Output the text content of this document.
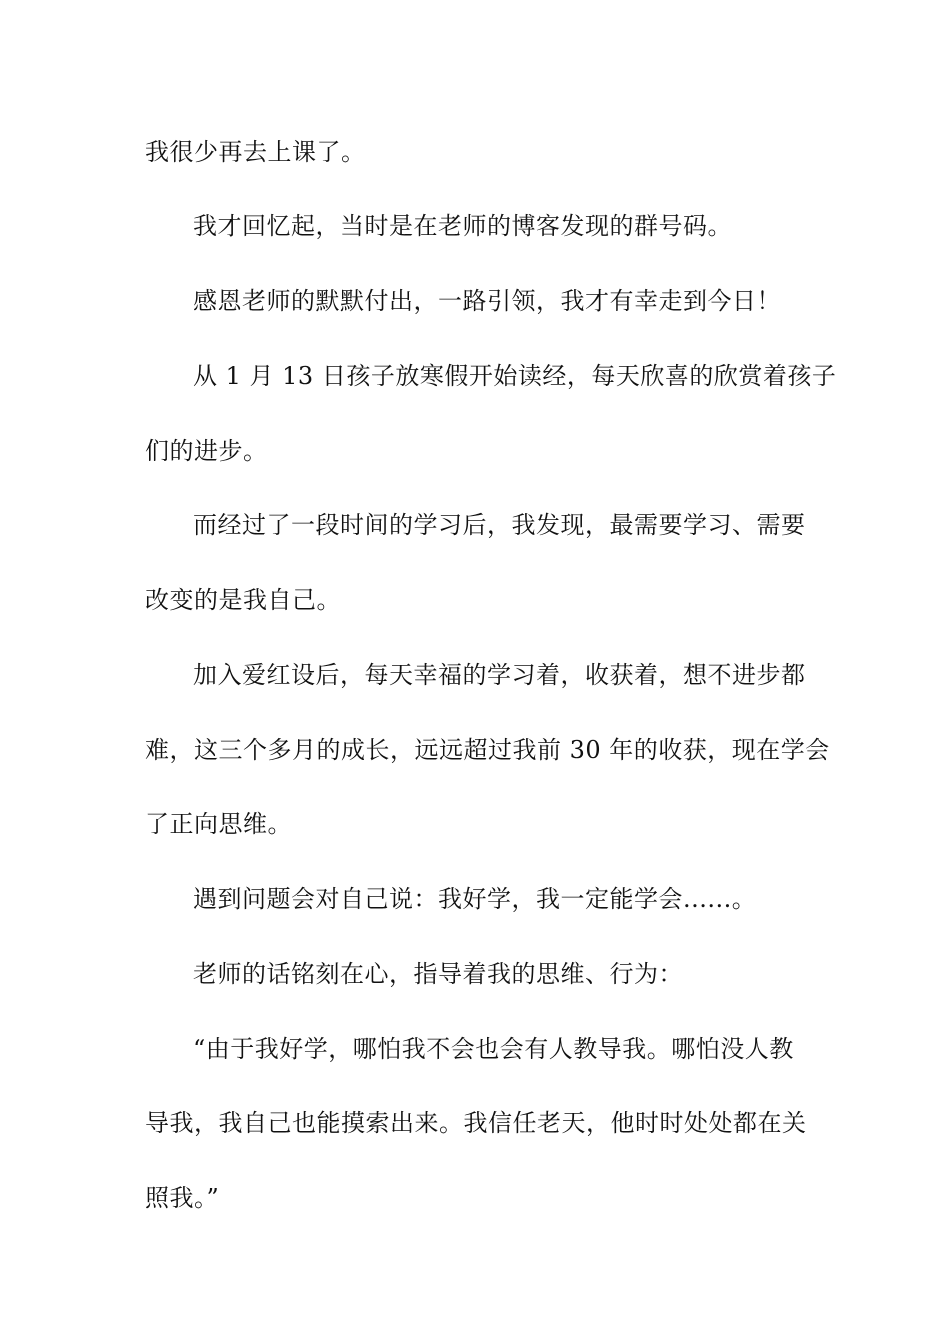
我很少再去上课了。
我才回忆起，当时是在老师的博客发现的群号码。
感恩老师的默默付出，一路引领，我才有幸走到今日！
从 1 月 13 日孩子放寒假开始读经，每天欣喜的欣赏着孩子
们的进步。
而经过了一段时间的学习后，我发现，最需要学习、需要
改变的是我自己。
加入爱红设后，每天幸福的学习着，收获着，想不进步都
难，这三个多月的成长，远远超过我前 30 年的收获，现在学会
了正向思维。
遇到问题会对自己说：我好学，我一定能学会......。
老师的话铭刻在心，指导着我的思维、行为：
“由于我好学，哪怕我不会也会有人教导我。哪怕没人教
导我，我自己也能摸索出来。我信任老天，他时时处处都在关
照我。”
